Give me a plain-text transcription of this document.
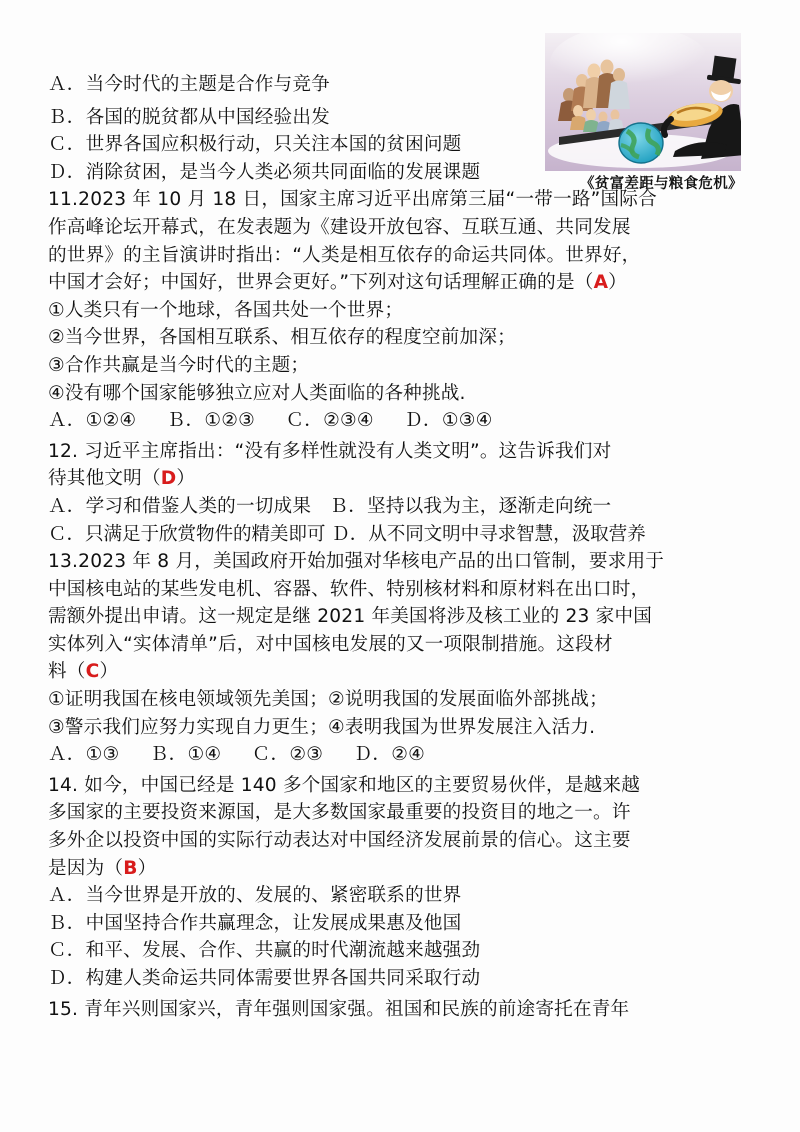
《贫富差距与粮食危机》

Ａ．当今时代的主题是合作与竞争

Ｂ．各国的脱贫都从中国经验出发

Ｃ．世界各国应积极行动，只关注本国的贫困问题

Ｄ．消除贫困，是当今人类必须共同面临的发展课题

11.2023 年 10 月 18 日，国家主席习近平出席第三届“一带一路”国际合

作高峰论坛开幕式，在发表题为《建设开放包容、互联互通、共同发展

的世界》的主旨演讲时指出：“人类是相互依存的命运共同体。世界好，

中国才会好；中国好，世界会更好。”下列对这句话理解正确的是（A）

①人类只有一个地球，各国共处一个世界；

②当今世界，各国相互联系、相互依存的程度空前加深；

③合作共赢是当今时代的主题；

④没有哪个国家能够独立应对人类面临的各种挑战.

Ａ．①②④     Ｂ．①②③     Ｃ．②③④     Ｄ．①③④

12. 习近平主席指出：“没有多样性就没有人类文明”。这告诉我们对

待其他文明（D）

Ａ．学习和借鉴人类的一切成果   Ｂ．坚持以我为主，逐渐走向统一

Ｃ．只满足于欣赏物件的精美即可 Ｄ．从不同文明中寻求智慧，汲取营养

13.2023 年 8 月，美国政府开始加强对华核电产品的出口管制，要求用于

中国核电站的某些发电机、容器、软件、特别核材料和原材料在出口时，

需额外提出申请。这一规定是继 2021 年美国将涉及核工业的 23 家中国

实体列入“实体清单”后，对中国核电发展的又一项限制措施。这段材

料（C）

①证明我国在核电领域领先美国；②说明我国的发展面临外部挑战；

③警示我们应努力实现自力更生；④表明我国为世界发展注入活力.

Ａ．①③     Ｂ．①④     Ｃ．②③     Ｄ．②④

14. 如今，中国已经是 140 多个国家和地区的主要贸易伙伴，是越来越

多国家的主要投资来源国，是大多数国家最重要的投资目的地之一。许

多外企以投资中国的实际行动表达对中国经济发展前景的信心。这主要

是因为（B）

Ａ．当今世界是开放的、发展的、紧密联系的世界

Ｂ．中国坚持合作共赢理念，让发展成果惠及他国

Ｃ．和平、发展、合作、共赢的时代潮流越来越强劲

Ｄ．构建人类命运共同体需要世界各国共同采取行动

15. 青年兴则国家兴，青年强则国家强。祖国和民族的前途寄托在青年
